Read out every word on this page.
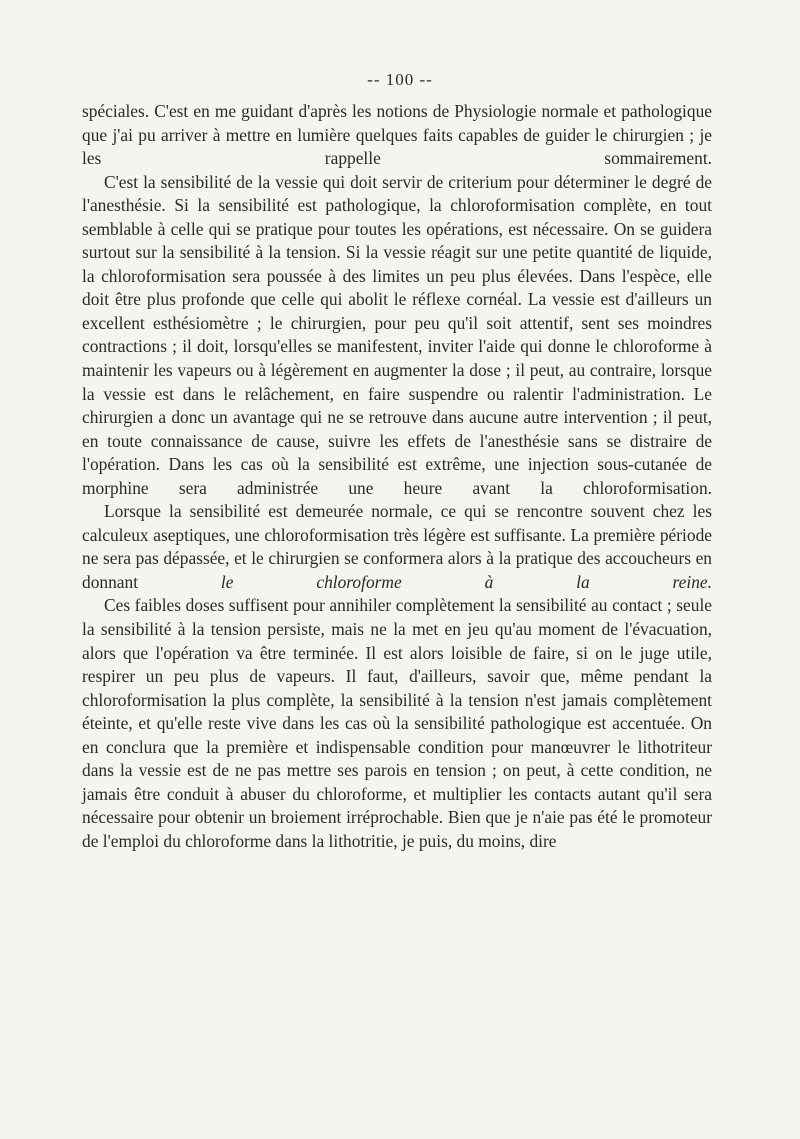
-- 100 --

spéciales. C'est en me guidant d'après les notions de Physiologie normale et pathologique que j'ai pu arriver à mettre en lumière quelques faits capables de guider le chirurgien ; je les rappelle sommairement.

C'est la sensibilité de la vessie qui doit servir de criterium pour déterminer le degré de l'anesthésie. Si la sensibilité est pathologique, la chloroformisation complète, en tout semblable à celle qui se pratique pour toutes les opérations, est nécessaire. On se guidera surtout sur la sensibilité à la tension. Si la vessie réagit sur une petite quantité de liquide, la chloroformisation sera poussée à des limites un peu plus élevées. Dans l'espèce, elle doit être plus profonde que celle qui abolit le réflexe cornéal. La vessie est d'ailleurs un excellent esthésiomètre ; le chirurgien, pour peu qu'il soit attentif, sent ses moindres contractions ; il doit, lorsqu'elles se manifestent, inviter l'aide qui donne le chloroforme à maintenir les vapeurs ou à légèrement en augmenter la dose ; il peut, au contraire, lorsque la vessie est dans le relâchement, en faire suspendre ou ralentir l'administration. Le chirurgien a donc un avantage qui ne se retrouve dans aucune autre intervention ; il peut, en toute connaissance de cause, suivre les effets de l'anesthésie sans se distraire de l'opération. Dans les cas où la sensibilité est extrême, une injection sous-cutanée de morphine sera administrée une heure avant la chloroformisation.

Lorsque la sensibilité est demeurée normale, ce qui se rencontre souvent chez les calculeux aseptiques, une chloroformisation très légère est suffisante. La première période ne sera pas dépassée, et le chirurgien se conformera alors à la pratique des accoucheurs en donnant	le chloroforme à la reine.

Ces faibles doses suffisent pour annihiler complètement la sensibilité au contact ; seule la sensibilité à la tension persiste, mais ne la met en jeu qu'au moment de l'évacuation, alors que l'opération va être terminée. Il est alors loisible de faire, si on le juge utile, respirer un peu plus de vapeurs. Il faut, d'ailleurs, savoir que, même pendant la chloroformisation la plus complète, la sensibilité à la tension n'est jamais complètement éteinte, et qu'elle reste vive dans les cas où la sensibilité pathologique est accentuée. On en conclura que la première et indispensable condition pour manœuvrer le lithotriteur dans la vessie est de ne pas mettre ses parois en tension ; on peut, à cette condition, ne jamais être conduit à abuser du chloroforme, et multiplier les contacts autant qu'il sera nécessaire pour obtenir un broiement irréprochable. Bien que je n'aie pas été le promoteur de l'emploi du chloroforme dans la lithotritie, je puis, du moins, dire
